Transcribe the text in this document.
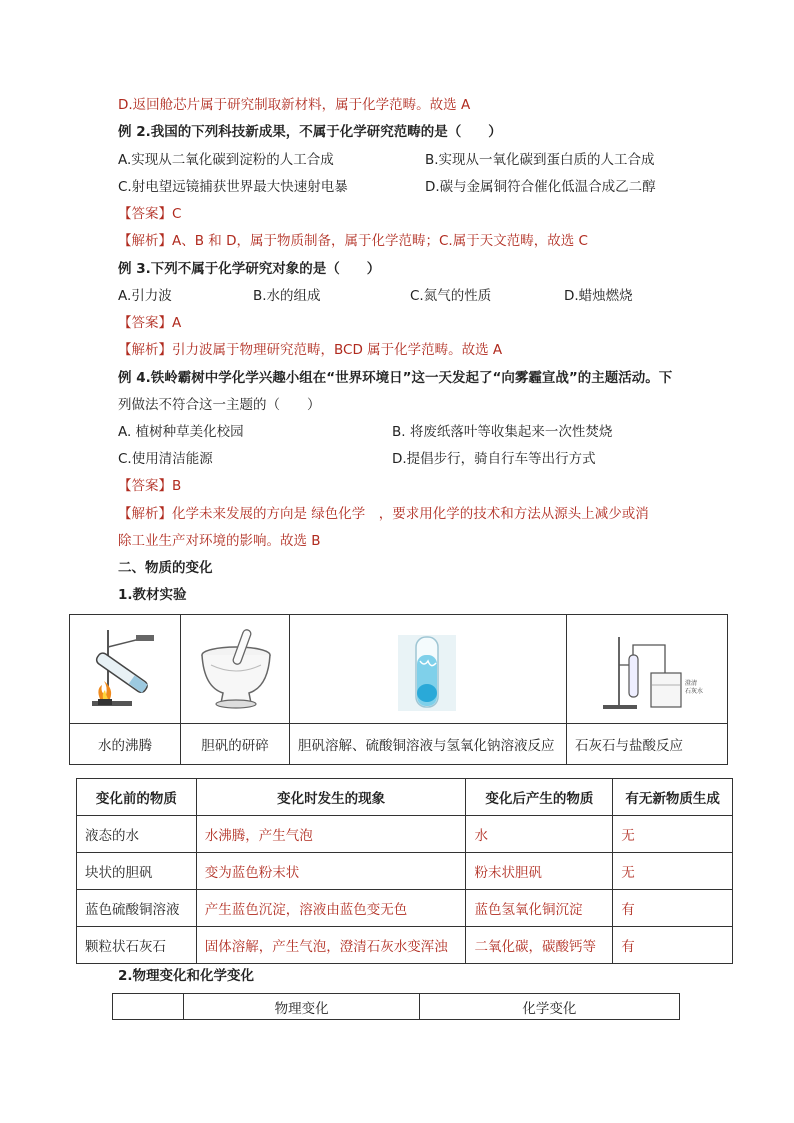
D.返回舱芯片属于研究制取新材料，属于化学范畴。故选 A
例 2.我国的下列科技新成果，不属于化学研究范畴的是（　　）
A.实现从二氧化碳到淀粉的人工合成	B.实现从一氧化碳到蛋白质的人工合成
C.射电望远镜捕获世界最大快速射电暴	D.碳与金属铜符合催化低温合成乙二醇
【答案】C
【解析】A、B 和 D，属于物质制备，属于化学范畴；C.属于天文范畴，故选 C
例 3.下列不属于化学研究对象的是（　　）
A.引力波	B.水的组成	C.氮气的性质	D.蜡烛燃烧
【答案】A
【解析】引力波属于物理研究范畴，BCD 属于化学范畴。故选 A
例 4.铁岭霸树中学化学兴趣小组在“世界环境日”这一天发起了“向雾霾宣战”的主题活动。下
列做法不符合这一主题的（　　）
A. 植树种草美化校园	B. 将废纸落叶等收集起来一次性焚烧
C.使用清洁能源	D.提倡步行，骑自行车等出行方式
【答案】B
【解析】化学未来发展的方向是 绿色化学　，要求用化学的技术和方法从源头上减少或消
除工业生产对环境的影响。故选 B
二、物质的变化
1.教材实验

澄清
石灰水

水的沸腾	胆矾的研碎	胆矾溶解、硫酸铜溶液与氢氧化钠溶液反应	石灰石与盐酸反应
变化前的物质	变化时发生的现象	变化后产生的物质	有无新物质生成
液态的水	水沸腾，产生气泡	水	无
块状的胆矾	变为蓝色粉末状	粉末状胆矾	无
蓝色硫酸铜溶液	产生蓝色沉淀，溶液由蓝色变无色	蓝色氢氧化铜沉淀	有
颗粒状石灰石	固体溶解，产生气泡，澄清石灰水变浑浊	二氧化碳，碳酸钙等	有
2.物理变化和化学变化
	物理变化	化学变化
